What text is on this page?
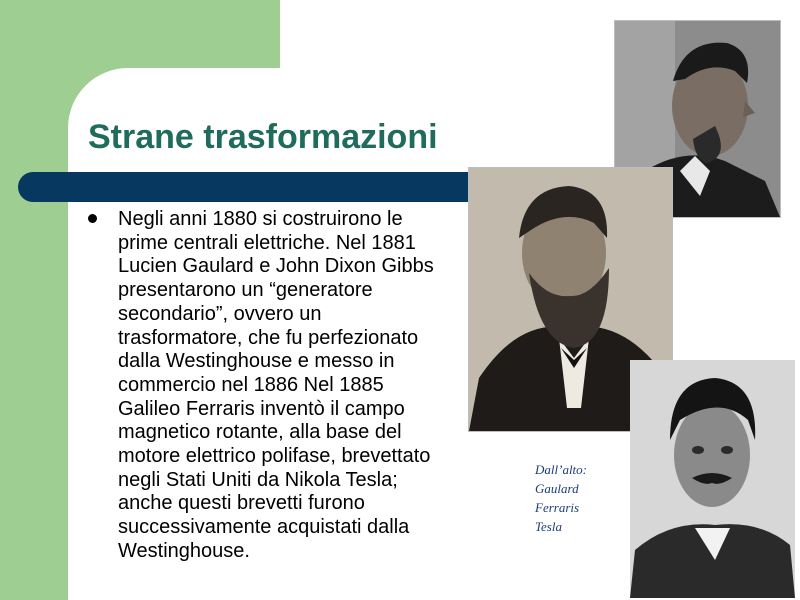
Strane trasformazioni
Negli anni 1880 si costruirono le
prime centrali elettriche. Nel 1881
Lucien Gaulard e John Dixon Gibbs
presentarono un “generatore
secondario”, ovvero un
trasformatore, che fu perfezionato
dalla Westinghouse e messo in
commercio nel 1886 Nel 1885
Galileo Ferraris inventò il campo
magnetico rotante, alla base del
motore elettrico polifase, brevettato
negli Stati Uniti da Nikola Tesla;
anche questi brevetti furono
successivamente acquistati dalla
Westinghouse.
Dall’alto:
Gaulard
Ferraris
Tesla
